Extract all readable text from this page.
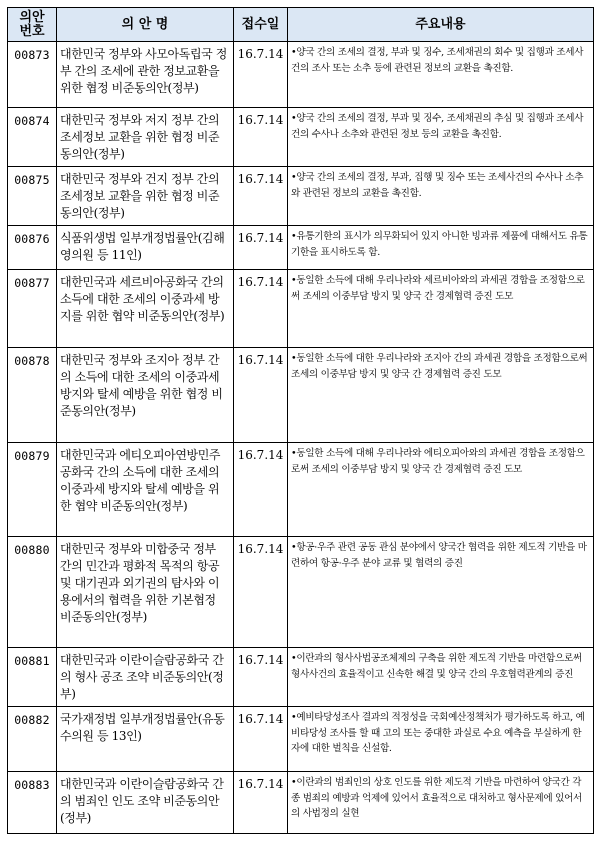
의안
번호	의 안 명	접수일	주요내용
00873	대한민국 정부와 사모아독립국 정부 간의 조세에 관한 정보교환을 위한 협정 비준동의안(정부)	16.7.14	•양국 간의 조세의 결정, 부과 및 징수, 조세채권의 회수 및 집행과 조세사건의 조사 또는 소추 등에 관련된 정보의 교환을 촉진함.
00874	대한민국 정부와 저지 정부 간의 조세정보 교환을 위한 협정 비준동의안(정부)	16.7.14	•양국 간의 조세의 결정, 부과 및 징수, 조세채권의 추심 및 집행과 조세사건의 수사나 소추와 관련된 정보 등의 교환을 촉진함.
00875	대한민국 정부와 건지 정부 간의 조세정보 교환을 위한 협정 비준동의안(정부)	16.7.14	•양국 간의 조세의 결정, 부과, 집행 및 징수 또는 조세사건의 수사나 소추와 관련된 정보의 교환을 촉진함.
00876	식품위생법 일부개정법률안(김해영의원 등 11인)	16.7.14	•유통기한의 표시가 의무화되어 있지 아니한 빙과류 제품에 대해서도 유통기한을 표시하도록 함.
00877	대한민국과 세르비아공화국 간의 소득에 대한 조세의 이중과세 방지를 위한 협약 비준동의안(정부)	16.7.14	•동일한 소득에 대해 우리나라와 세르비아와의 과세권 경합을 조정함으로써 조세의 이중부담 방지 및 양국 간 경제협력 증진 도모
00878	대한민국 정부와 조지아 정부 간의 소득에 대한 조세의 이중과세 방지와 탈세 예방을 위한 협정 비준동의안(정부)	16.7.14	•동일한 소득에 대한 우리나라와 조지아 간의 과세권 경합을 조정함으로써 조세의 이중부담 방지 및 양국 간 경제협력 증진 도모
00879	대한민국과 에티오피아연방민주공화국 간의 소득에 대한 조세의 이중과세 방지와 탈세 예방을 위한 협약 비준동의안(정부)	16.7.14	•동일한 소득에 대해 우리나라와 에티오피아와의 과세권 경합을 조정함으로써 조세의 이중부담 방지 및 양국 간 경제협력 증진 도모
00880	대한민국 정부와 미합중국 정부 간의 민간과 평화적 목적의 항공 및 대기권과 외기권의 탐사와 이용에서의 협력을 위한 기본협정 비준동의안(정부)	16.7.14	•항공·우주 관련 공동 관심 분야에서 양국간 협력을 위한 제도적 기반을 마련하여 항공·우주 분야 교류 및 협력의 증진
00881	대한민국과 이란이슬람공화국 간의 형사 공조 조약 비준동의안(정부)	16.7.14	•이란과의 형사사법공조체제의 구축을 위한 제도적 기반을 마련함으로써 형사사건의 효율적이고 신속한 해결 및 양국 간의 우호협력관계의 증진
00882	국가재정법 일부개정법률안(유동수의원 등 13인)	16.7.14	•예비타당성조사 결과의 적정성을 국회예산정책처가 평가하도록 하고, 예비타당성 조사를 할 때 고의 또는 중대한 과실로 수요 예측을 부실하게 한 자에 대한 벌칙을 신설함.
00883	대한민국과 이란이슬람공화국 간의 범죄인 인도 조약 비준동의안(정부)	16.7.14	•이란과의 범죄인의 상호 인도를 위한 제도적 기반을 마련하여 양국간 각종 범죄의 예방과 억제에 있어서 효율적으로 대처하고 형사문제에 있어서의 사법정의 실현
